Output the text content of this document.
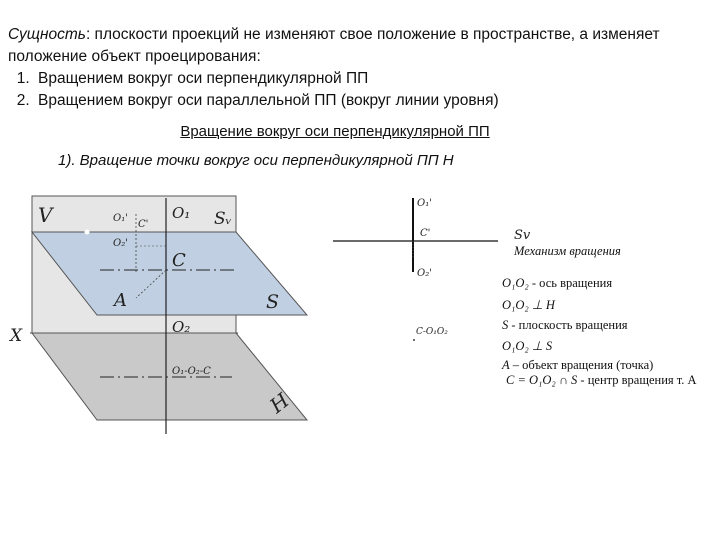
Сущность: плоскости проекций не изменяют свое положение в пространстве, а изменяет положение объект проецирования:

1. Вращением вокруг оси перпендикулярной ПП
2. Вращением вокруг оси параллельной ПП (вокруг линии уровня)
Вращение вокруг оси перпендикулярной ПП
1). Вращение точки вокруг оси перпендикулярной ПП H
V
X
H
S
Sᵥ
A
C
O₁
O₂
O₁'
C'
O₂'
O₁-O₂-C
O₁'
C'
O₂'
Sv
C-O₁O₂
Механизм вращения
O₁O₂ - ось вращения
O₁O₂ ⊥ H
S - плоскость вращения
O₁O₂ ⊥ S
A – объект вращения (точка)
C = O₁O₂ ∩ S - центр вращения т. A
